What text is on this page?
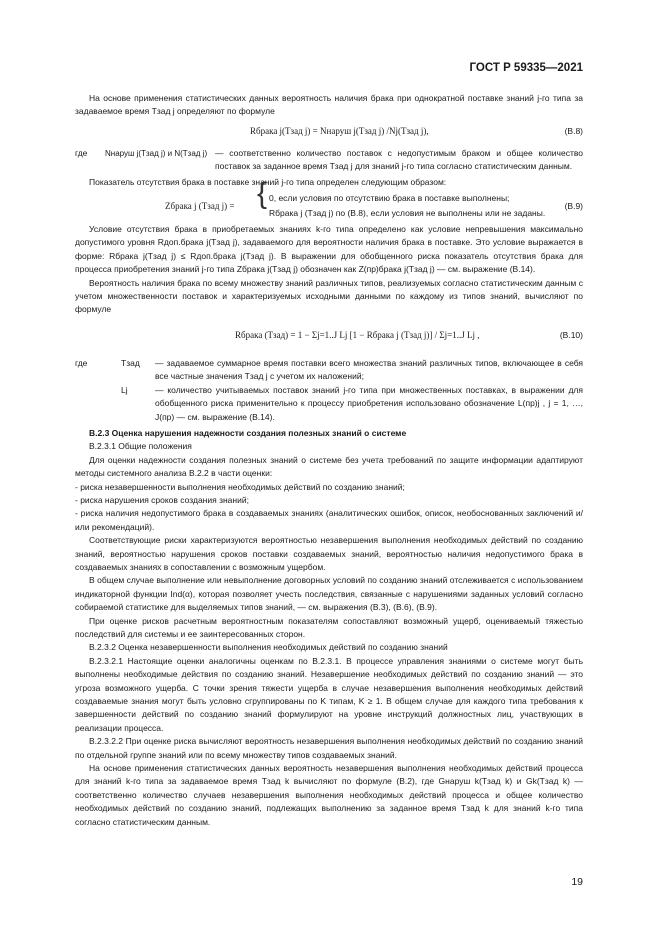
ГОСТ Р 59335—2021

На основе применения статистических данных вероятность наличия брака при однократной поставке знаний j-го типа за задаваемое время Tзад j определяют по формуле

Rбрака j(Tзад j) = Nнаруш j(Tзад j) /Nj(Tзад j),	(В.8)
где	Nнаруш j(Tзад j) и N(Tзад j) — соответственно количество поставок с недопустимым браком и общее количество поставок за заданное время Tзад j для знаний j-го типа согласно статистическим данным.

Показатель отсутствия брака в поставке знаний j-го типа определен следующим образом:

Zбрака j (Tзад j) = { 0, если условия по отсутствию брака в поставке выполнены;
Rбрака j (Tзад j) по (В.8), если условия не выполнены или не заданы.
(В.9)

Условие отсутствия брака в приобретаемых знаниях k-го типа определено как условие непревышения максимально допустимого уровня Rдоп.брака j(Tзад j), задаваемого для вероятности наличия брака в поставке. Это условие выражается в форме: Rбрака j(Tзад j) ≤ Rдоп.брака j(Tзад j). В выражении для обобщенного риска показатель отсутствия брака для процесса приобретения знаний j-го типа Zбрака j(Tзад j) обозначен как Z(пр)брака j(Tзад j) — см. выражение (В.14).

Вероятность наличия брака по всему множеству знаний различных типов, реализуемых согласно статистическим данным с учетом множественности поставок и характеризуемых исходными данными по каждому из типов знаний, вычисляют по формуле

Rбрака (Tзад) = 1 − Σj=1..J Lj [1 − Rбрака j (Tзад j)] / Σj=1..J Lj ,	(В.10)
где	Tзад	— задаваемое суммарное время поставки всего множества знаний различных типов, включающее в себя все частные значения Tзад j с учетом их наложений;
Lj	— количество учитываемых поставок знаний j-го типа при множественных поставках, в выражении для обобщенного риска применительно к процессу приобретения использовано обозначение L(пр)j , j = 1, …, J(пр) — см. выражение (В.14).

В.2.3 Оценка нарушения надежности создания полезных знаний о системе

В.2.3.1 Общие положения

Для оценки надежности создания полезных знаний о системе без учета требований по защите информации адаптируют методы системного анализа В.2.2 в части оценки:

- риска незавершенности выполнения необходимых действий по созданию знаний;

- риска нарушения сроков создания знаний;

- риска наличия недопустимого брака в создаваемых знаниях (аналитических ошибок, описок, необоснованных заключений и/или рекомендаций).

Соответствующие риски характеризуются вероятностью незавершения выполнения необходимых действий по созданию знаний, вероятностью нарушения сроков поставки создаваемых знаний, вероятностью наличия недопустимого брака в создаваемых знаниях в сопоставлении с возможным ущербом.

В общем случае выполнение или невыполнение договорных условий по созданию знаний отслеживается с использованием индикаторной функции Ind(α), которая позволяет учесть последствия, связанные с нарушениями заданных условий согласно собираемой статистике для выделяемых типов знаний, — см. выражения (В.3), (В.6), (В.9).

При оценке рисков расчетным вероятностным показателям сопоставляют возможный ущерб, оцениваемый тяжестью последствий для системы и ее заинтересованных сторон.

В.2.3.2 Оценка незавершенности выполнения необходимых действий по созданию знаний

В.2.3.2.1 Настоящие оценки аналогичны оценкам по В.2.3.1. В процессе управления знаниями о системе могут быть выполнены необходимые действия по созданию знаний. Незавершение необходимых действий по созданию знаний — это угроза возможного ущерба. С точки зрения тяжести ущерба в случае незавершения выполнения необходимых действий создаваемые знания могут быть условно сгруппированы по K типам, K ≥ 1. В общем случае для каждого типа требования к завершенности действий по созданию знаний формулируют на уровне инструкций должностных лиц, участвующих в реализации процесса.

В.2.3.2.2 При оценке риска вычисляют вероятность незавершения выполнения необходимых действий по созданию знаний по отдельной группе знаний или по всему множеству типов создаваемых знаний.

На основе применения статистических данных вероятность незавершения выполнения необходимых действий процесса для знаний k-го типа за задаваемое время Tзад k вычисляют по формуле (В.2), где Gнаруш k(Tзад k) и Gk(Tзад k) — соответственно количество случаев незавершения выполнения необходимых действий процесса и общее количество необходимых действий по созданию знаний, подлежащих выполнению за заданное время Tзад k для знаний k-го типа согласно статистическим данным.

19
